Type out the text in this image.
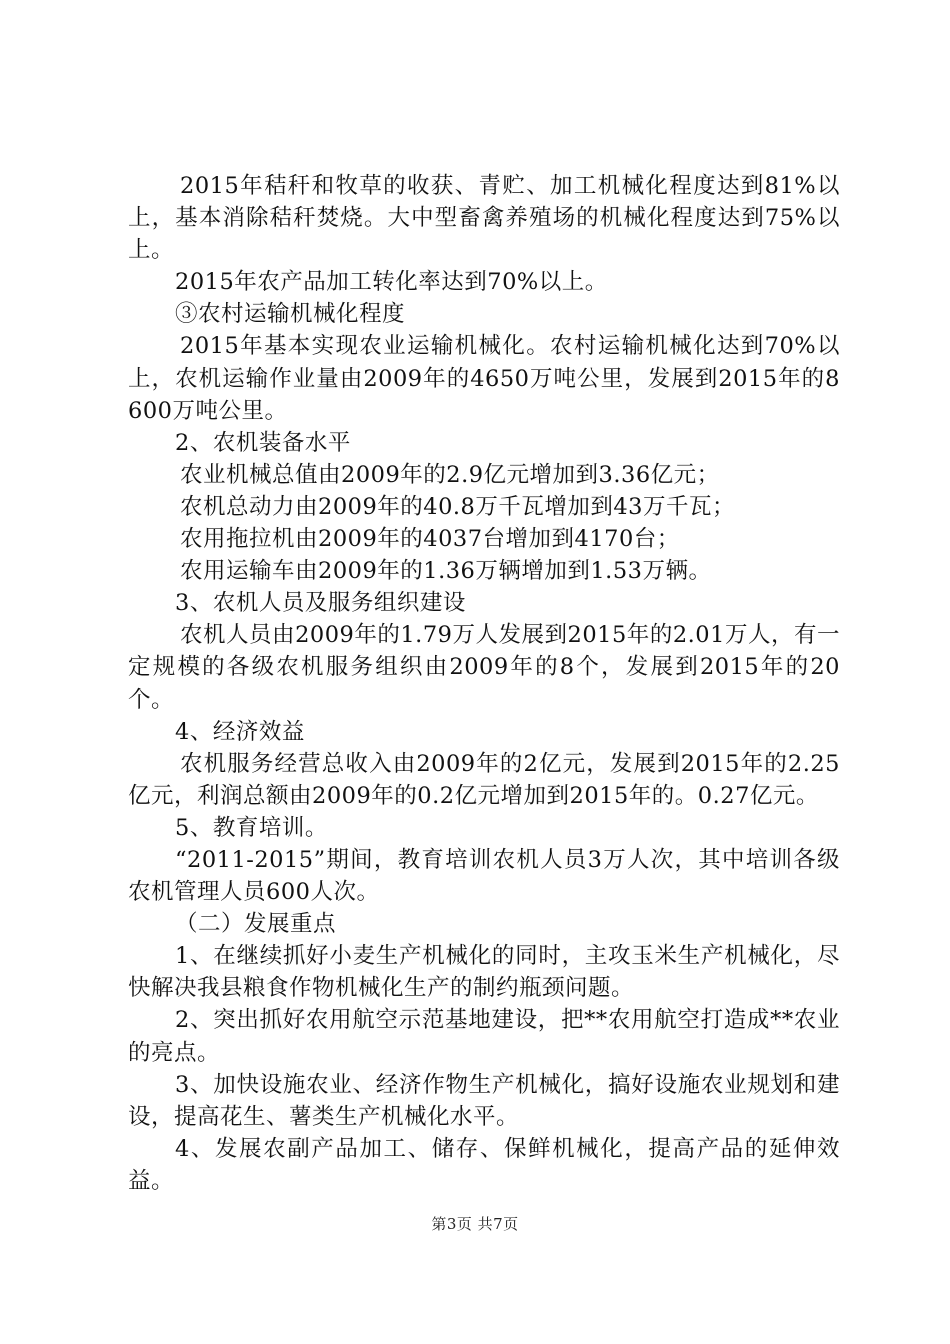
2015年秸秆和牧草的收获、青贮、加工机械化程度达到81%以上，基本消除秸秆焚烧。大中型畜禽养殖场的机械化程度达到75%以上。

2015年农产品加工转化率达到70%以上。

③农村运输机械化程度

2015年基本实现农业运输机械化。农村运输机械化达到70%以上，农机运输作业量由2009年的4650万吨公里，发展到2015年的8600万吨公里。

2、农机装备水平

农业机械总值由2009年的2.9亿元增加到3.36亿元；

农机总动力由2009年的40.8万千瓦增加到43万千瓦；

农用拖拉机由2009年的4037台增加到4170台；

农用运输车由2009年的1.36万辆增加到1.53万辆。

3、农机人员及服务组织建设

农机人员由2009年的1.79万人发展到2015年的2.01万人，有一定规模的各级农机服务组织由2009年的8个，发展到2015年的20个。

4、经济效益

农机服务经营总收入由2009年的2亿元，发展到2015年的2.25亿元，利润总额由2009年的0.2亿元增加到2015年的。0.27亿元。

5、教育培训。

“2011-2015”期间，教育培训农机人员3万人次，其中培训各级农机管理人员600人次。

（二）发展重点

1、在继续抓好小麦生产机械化的同时，主攻玉米生产机械化，尽快解决我县粮食作物机械化生产的制约瓶颈问题。

2、突出抓好农用航空示范基地建设，把**农用航空打造成**农业的亮点。

3、加快设施农业、经济作物生产机械化，搞好设施农业规划和建设，提高花生、薯类生产机械化水平。

4、发展农副产品加工、储存、保鲜机械化，提高产品的延伸效益。

第3页 共7页
